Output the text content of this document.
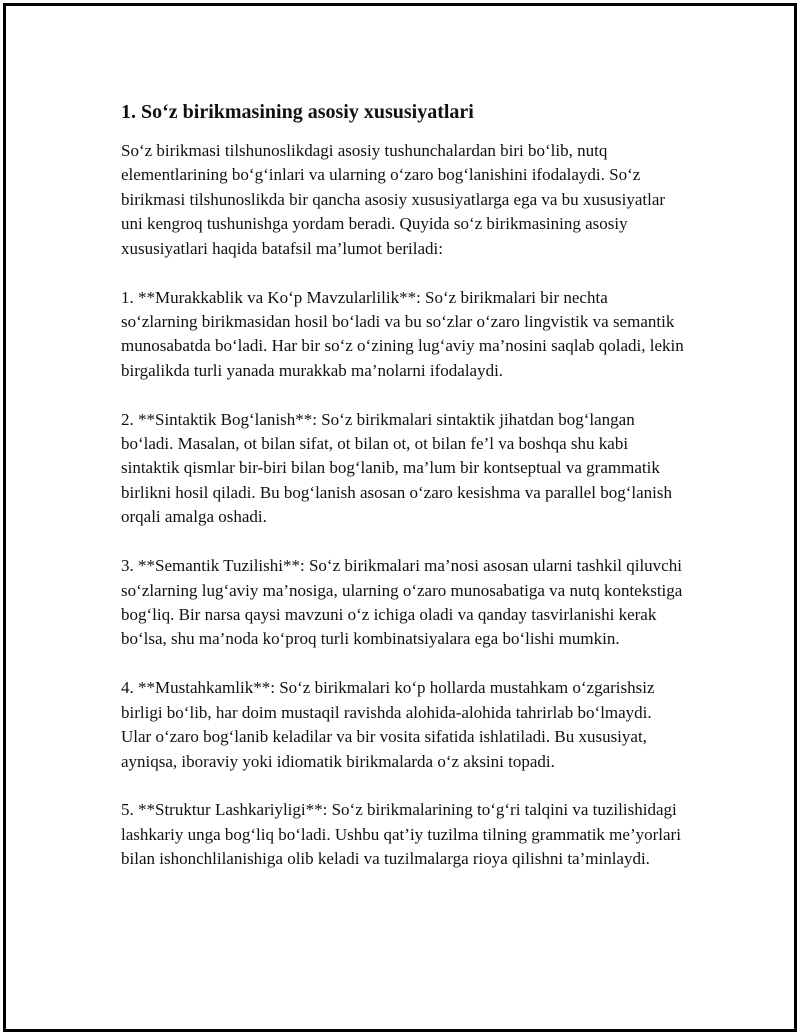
1. So‘z birikmasining asosiy xususiyatlari

So‘z birikmasi tilshunoslikdagi asosiy tushunchalardan biri bo‘lib, nutq elementlarining bo‘g‘inlari va ularning o‘zaro bog‘lanishini ifodalaydi. So‘z birikmasi tilshunoslikda bir qancha asosiy xususiyatlarga ega va bu xususiyatlar uni kengroq tushunishga yordam beradi. Quyida so‘z birikmasining asosiy xususiyatlari haqida batafsil ma’lumot beriladi:

1. **Murakkablik va Ko‘p Mavzularlilik**: So‘z birikmalari bir nechta so‘zlarning birikmasidan hosil bo‘ladi va bu so‘zlar o‘zaro lingvistik va semantik munosabatda bo‘ladi. Har bir so‘z o‘zining lug‘aviy ma’nosini saqlab qoladi, lekin birgalikda turli yanada murakkab ma’nolarni ifodalaydi.

2. **Sintaktik Bog‘lanish**: So‘z birikmalari sintaktik jihatdan bog‘langan bo‘ladi. Masalan, ot bilan sifat, ot bilan ot, ot bilan fe’l va boshqa shu kabi sintaktik qismlar bir-biri bilan bog‘lanib, ma’lum bir kontseptual va grammatik birlikni hosil qiladi. Bu bog‘lanish asosan o‘zaro kesishma va parallel bog‘lanish orqali amalga oshadi.

3. **Semantik Tuzilishi**: So‘z birikmalari ma’nosi asosan ularni tashkil qiluvchi so‘zlarning lug‘aviy ma’nosiga, ularning o‘zaro munosabatiga va nutq kontekstiga bog‘liq. Bir narsa qaysi mavzuni o‘z ichiga oladi va qanday tasvirlanishi kerak bo‘lsa, shu ma’noda ko‘proq turli kombinatsiyalara ega bo‘lishi mumkin.

4. **Mustahkamlik**: So‘z birikmalari ko‘p hollarda mustahkam o‘zgarishsiz birligi bo‘lib, har doim mustaqil ravishda alohida-alohida tahrirlab bo‘lmaydi. Ular o‘zaro bog‘lanib keladilar va bir vosita sifatida ishlatiladi. Bu xususiyat, ayniqsa, iboraviy yoki idiomatik birikmalarda o‘z aksini topadi.

5. **Struktur Lashkariyligi**: So‘z birikmalarining to‘g‘ri talqini va tuzilishidagi lashkariy unga bog‘liq bo‘ladi. Ushbu qat’iy tuzilma tilning grammatik me’yorlari bilan ishonchlilanishiga olib keladi va tuzilmalarga rioya qilishni ta’minlaydi.
